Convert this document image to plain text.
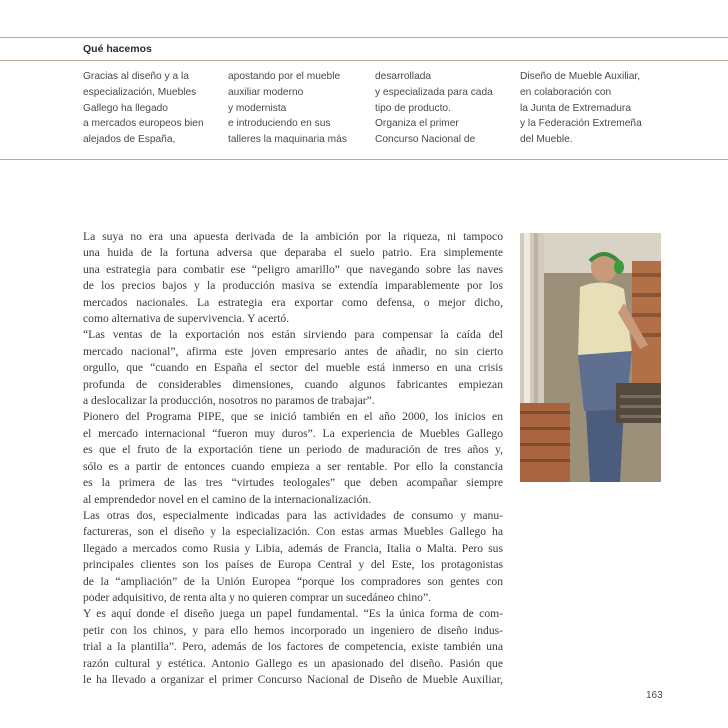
Qué hacemos
Gracias al diseño y a la
especialización, Muebles
Gallego ha llegado
a mercados europeos bien
alejados de España,
apostando por el mueble
auxiliar moderno
y modernista
e introduciendo en sus
talleres la maquinaria más
desarrollada
y especializada para cada
tipo de producto.
Organiza el primer
Concurso Nacional de
Diseño de Mueble Auxiliar,
en colaboración con
la Junta de Extremadura
y la Federación Extremeña
del Mueble.
La suya no era una apuesta derivada de la ambición por la riqueza, ni tampoco
una huida de la fortuna adversa que deparaba el suelo patrio. Era simplemente
una estrategia para combatir ese “peligro amarillo” que navegando sobre las naves
de los precios bajos y la producción masiva se extendía imparablemente por los
mercados nacionales. La estrategia era exportar como defensa, o mejor dicho,
como alternativa de supervivencia. Y acertó.
“Las ventas de la exportación nos están sirviendo para compensar la caída del
mercado nacional”, afirma este joven empresario antes de añadir, no sin cierto
orgullo, que “cuando en España el sector del mueble está inmerso en una crisis
profunda de considerables dimensiones, cuando algunos fabricantes empiezan
a deslocalizar la producción, nosotros no paramos de trabajar”.
Pionero del Programa PIPE, que se inició también en el año 2000, los inicios en
el mercado internacional “fueron muy duros”. La experiencia de Muebles Gallego
es que el fruto de la exportación tiene un periodo de maduración de tres años y,
sólo es a partir de entonces cuando empieza a ser rentable. Por ello la constancia
es la primera de las tres “virtudes teologales” que deben acompañar siempre
al emprendedor novel en el camino de la internacionalización.
Las otras dos, especialmente indicadas para las actividades de consumo y manu-
factureras, son el diseño y la especialización. Con estas armas Muebles Gallego ha
llegado a mercados como Rusia y Libia, además de Francia, Italia o Malta. Pero sus
principales clientes son los países de Europa Central y del Este, los protagonistas
de la “ampliación” de la Unión Europea “porque los compradores son gentes con
poder adquisitivo, de renta alta y no quieren comprar un sucedáneo chino”.
Y es aquí donde el diseño juega un papel fundamental. “Es la única forma de com-
petir con los chinos, y para ello hemos incorporado un ingeniero de diseño indus-
trial a la plantilla”. Pero, además de los factores de competencia, existe también una
razón cultural y estética. Antonio Gallego es un apasionado del diseño. Pasión que
le ha llevado a organizar el primer Concurso Nacional de Diseño de Mueble Auxiliar,
163
